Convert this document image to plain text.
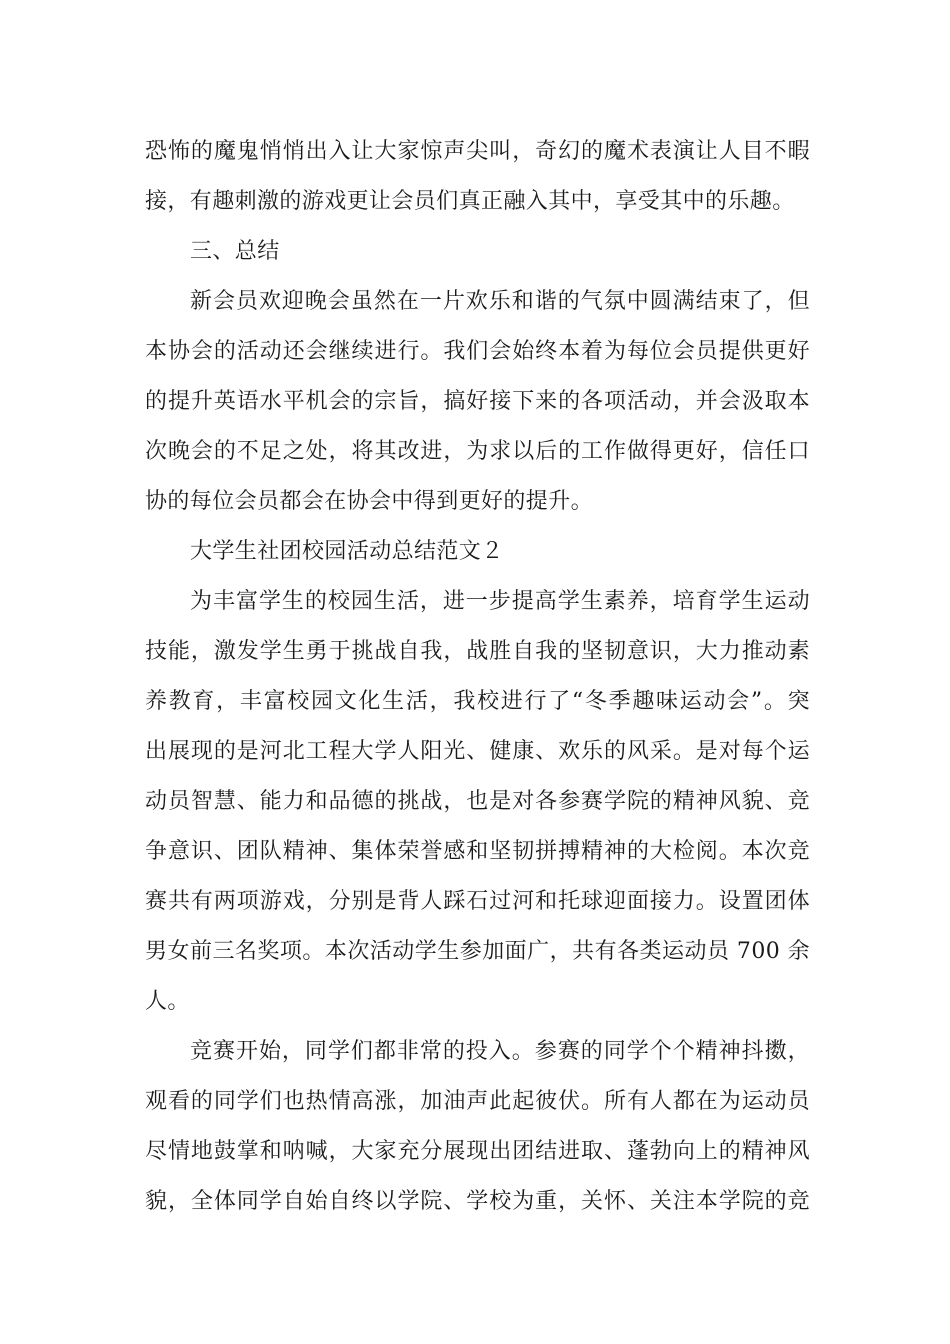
恐怖的魔鬼悄悄出入让大家惊声尖叫，奇幻的魔术表演让人目不暇
接，有趣刺激的游戏更让会员们真正融入其中，享受其中的乐趣。
三、总结
新会员欢迎晚会虽然在一片欢乐和谐的气氛中圆满结束了，但
本协会的活动还会继续进行。我们会始终本着为每位会员提供更好
的提升英语水平机会的宗旨，搞好接下来的各项活动，并会汲取本
次晚会的不足之处，将其改进，为求以后的工作做得更好，信任口
协的每位会员都会在协会中得到更好的提升。
大学生社团校园活动总结范文２
为丰富学生的校园生活，进一步提高学生素养，培育学生运动
技能，激发学生勇于挑战自我，战胜自我的坚韧意识，大力推动素
养教育，丰富校园文化生活，我校进行了“冬季趣味运动会”。突
出展现的是河北工程大学人阳光、健康、欢乐的风采。是对每个运
动员智慧、能力和品德的挑战，也是对各参赛学院的精神风貌、竞
争意识、团队精神、集体荣誉感和坚韧拼搏精神的大检阅。本次竞
赛共有两项游戏，分别是背人踩石过河和托球迎面接力。设置团体
男女前三名奖项。本次活动学生参加面广，共有各类运动员 700 余
人。
竞赛开始，同学们都非常的投入。参赛的同学个个精神抖擞，
观看的同学们也热情高涨，加油声此起彼伏。所有人都在为运动员
尽情地鼓掌和呐喊，大家充分展现出团结进取、蓬勃向上的精神风
貌，全体同学自始自终以学院、学校为重，关怀、关注本学院的竞
